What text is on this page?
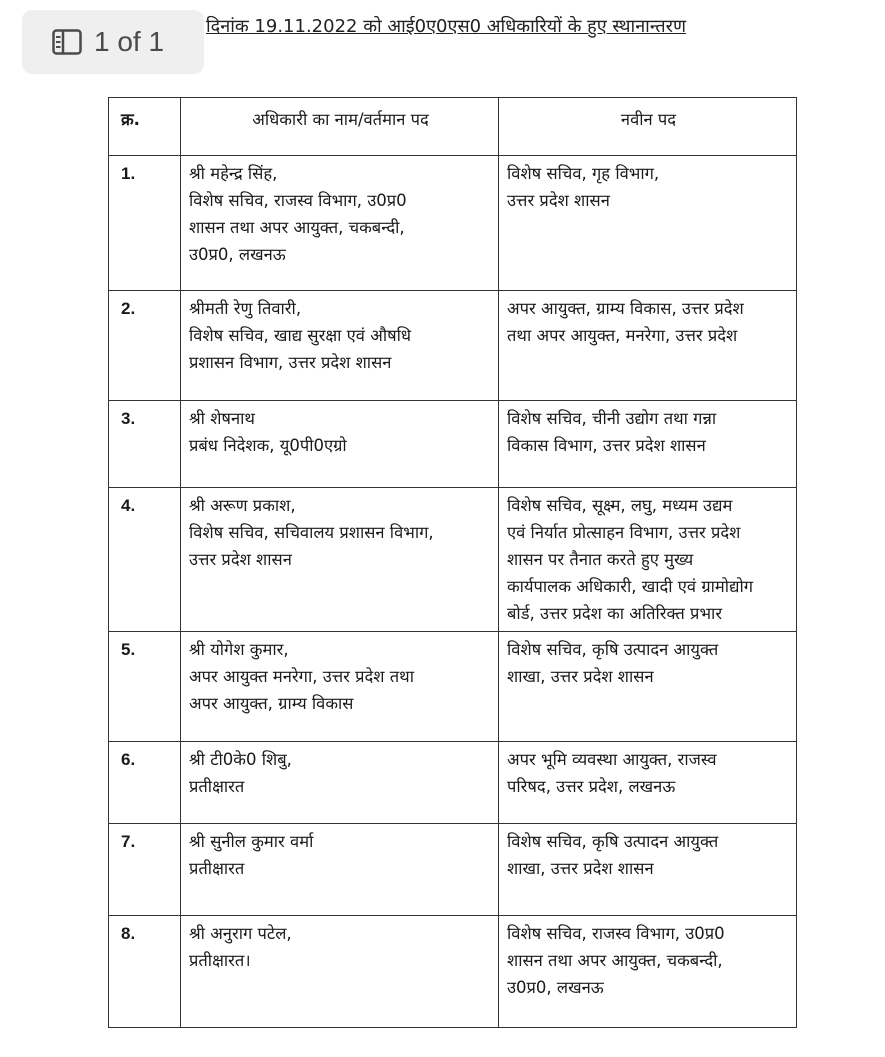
1 of 1 दिनांक 19.11.2022 को आई0ए0एस0 अधिकारियों के हुए स्थानान्तरण
क्र.	अधिकारी का नाम/वर्तमान पद	नवीन पद
1.	श्री महेन्द्र सिंह,
विशेष सचिव, राजस्व विभाग, उ0प्र0
शासन तथा अपर आयुक्त, चकबन्दी,
उ0प्र0, लखनऊ	विशेष सचिव, गृह विभाग,
उत्तर प्रदेश शासन

2.	श्रीमती रेणु तिवारी,
विशेष सचिव, खाद्य सुरक्षा एवं औषधि
प्रशासन विभाग, उत्तर प्रदेश शासन	अपर आयुक्त, ग्राम्य विकास, उत्तर प्रदेश
तथा अपर आयुक्त, मनरेगा, उत्तर प्रदेश

3.	श्री शेषनाथ
प्रबंध निदेशक, यू0पी0एग्रो	विशेष सचिव, चीनी उद्योग तथा गन्ना
विकास विभाग, उत्तर प्रदेश शासन

4.	श्री अरूण प्रकाश,
विशेष सचिव, सचिवालय प्रशासन विभाग,
उत्तर प्रदेश शासन	विशेष सचिव, सूक्ष्म, लघु, मध्यम उद्यम
एवं निर्यात प्रोत्साहन विभाग, उत्तर प्रदेश
शासन पर तैनात करते हुए मुख्य
कार्यपालक अधिकारी, खादी एवं ग्रामोद्योग
बोर्ड, उत्तर प्रदेश का अतिरिक्त प्रभार

5.	श्री योगेश कुमार,
अपर आयुक्त मनरेगा, उत्तर प्रदेश तथा
अपर आयुक्त, ग्राम्य विकास	विशेष सचिव, कृषि उत्पादन आयुक्त
शाखा, उत्तर प्रदेश शासन

6.	श्री टी0के0 शिबु,
प्रतीक्षारत	अपर भूमि व्यवस्था आयुक्त, राजस्व
परिषद, उत्तर प्रदेश, लखनऊ

7.	श्री सुनील कुमार वर्मा
प्रतीक्षारत	विशेष सचिव, कृषि उत्पादन आयुक्त
शाखा, उत्तर प्रदेश शासन

8.	श्री अनुराग पटेल,
प्रतीक्षारत।	विशेष सचिव, राजस्व विभाग, उ0प्र0
शासन तथा अपर आयुक्त, चकबन्दी,
उ0प्र0, लखनऊ
